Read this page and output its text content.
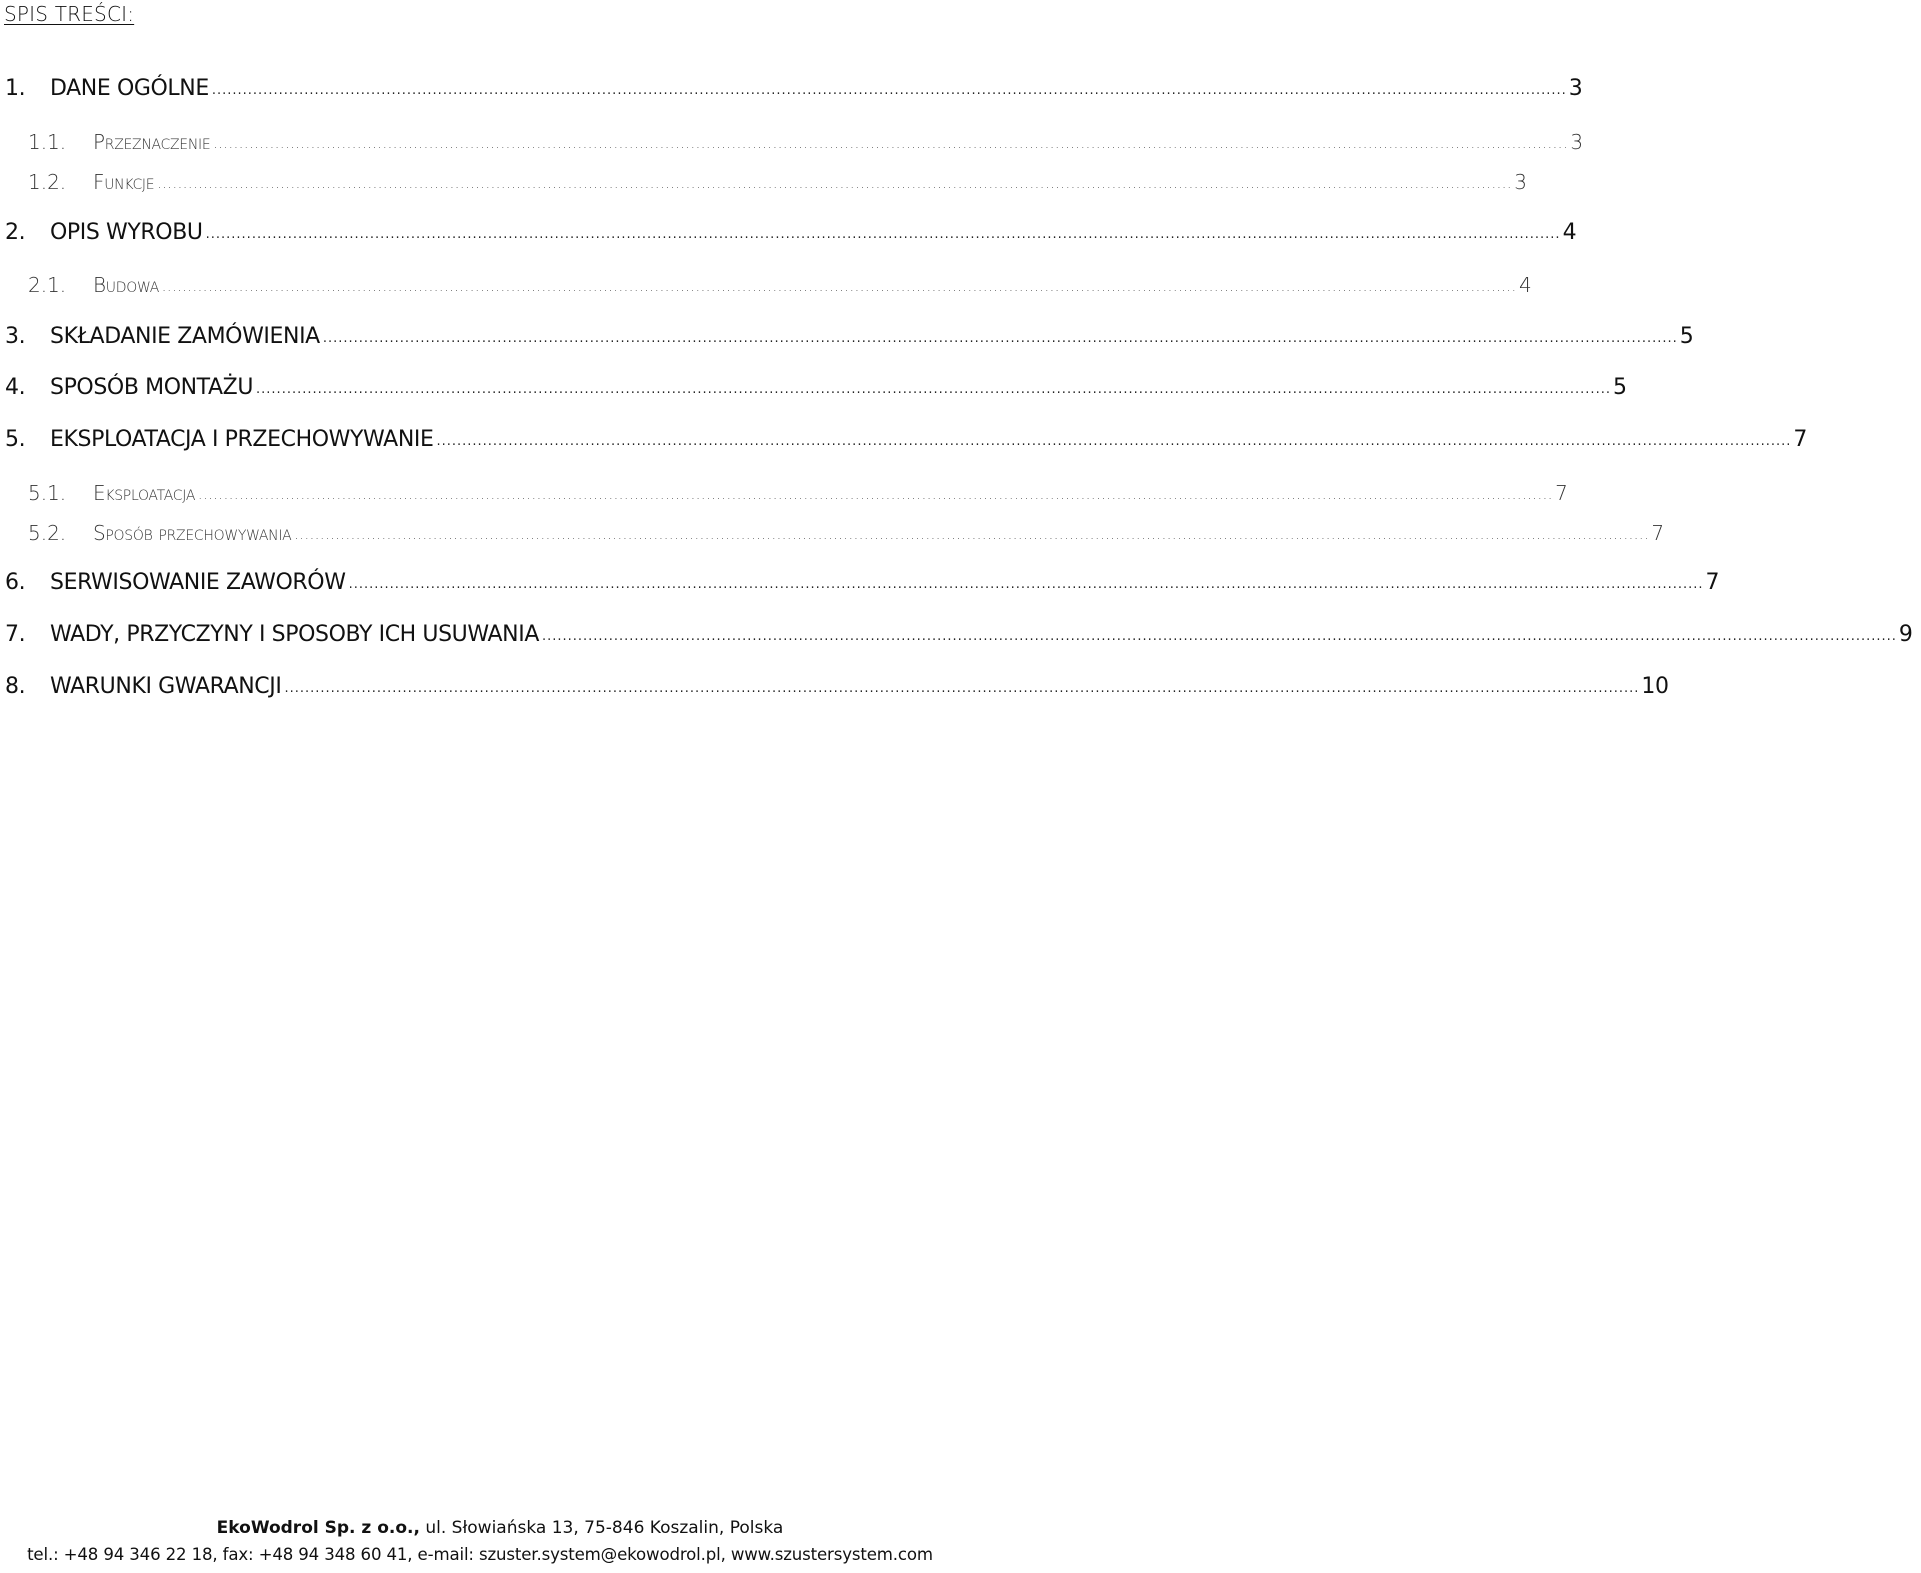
SPIS TREŚCI:
1.	DANE OGÓLNE ........................................................................................................................................................................................................................................................................ 3
1.1.	Przeznaczenie ........................................................................................................................................................................................................................................................................ 3
1.2.	Funkcje ........................................................................................................................................................................................................................................................................ 3
2.	OPIS WYROBU ........................................................................................................................................................................................................................................................................ 4
2.1.	Budowa ........................................................................................................................................................................................................................................................................ 4
3.	SKŁADANIE ZAMÓWIENIA ........................................................................................................................................................................................................................................................................ 5
4.	SPOSÓB MONTAŻU ........................................................................................................................................................................................................................................................................ 5
5.	EKSPLOATACJA I PRZECHOWYWANIE ........................................................................................................................................................................................................................................................................ 7
5.1.	Eksploatacja ........................................................................................................................................................................................................................................................................ 7
5.2.	Sposób przechowywania ........................................................................................................................................................................................................................................................................ 7
6.	SERWISOWANIE ZAWORÓW ........................................................................................................................................................................................................................................................................ 7
7.	WADY, PRZYCZYNY I SPOSOBY ICH USUWANIA ........................................................................................................................................................................................................................................................................ 9
8.	WARUNKI GWARANCJI ........................................................................................................................................................................................................................................................................ 10
EkoWodrol Sp. z o.o., ul. Słowiańska 13, 75-846 Koszalin, Polska
tel.: +48 94 346 22 18, fax: +48 94 348 60 41, e-mail: szuster.system@ekowodrol.pl, www.szustersystem.com
